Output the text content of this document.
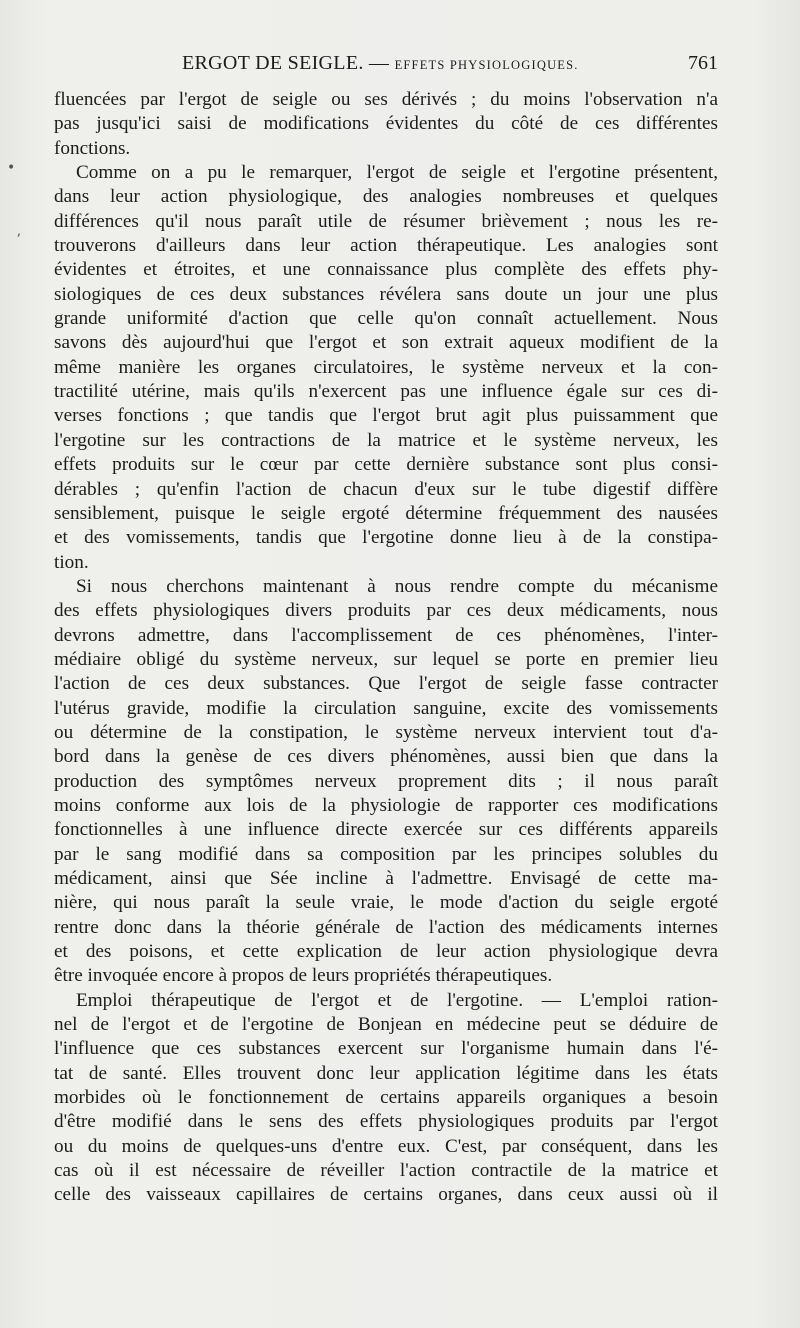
ERGOT DE SEIGLE. — EFFETS PHYSIOLOGIQUES.	761
•
ʼ
fluencées par l'ergot de seigle ou ses dérivés ; du moins l'observation n'a
pas jusqu'ici saisi de modifications évidentes du côté de ces différentes
fonctions.
Comme on a pu le remarquer, l'ergot de seigle et l'ergotine présentent,
dans leur action physiologique, des analogies nombreuses et quelques
différences qu'il nous paraît utile de résumer brièvement ; nous les re-
trouverons d'ailleurs dans leur action thérapeutique. Les analogies sont
évidentes et étroites, et une connaissance plus complète des effets phy-
siologiques de ces deux substances révélera sans doute un jour une plus
grande uniformité d'action que celle qu'on connaît actuellement. Nous
savons dès aujourd'hui que l'ergot et son extrait aqueux modifient de la
même manière les organes circulatoires, le système nerveux et la con-
tractilité utérine, mais qu'ils n'exercent pas une influence égale sur ces di-
verses fonctions ; que tandis que l'ergot brut agit plus puissamment que
l'ergotine sur les contractions de la matrice et le système nerveux, les
effets produits sur le cœur par cette dernière substance sont plus consi-
dérables ; qu'enfin l'action de chacun d'eux sur le tube digestif diffère
sensiblement, puisque le seigle ergoté détermine fréquemment des nausées
et des vomissements, tandis que l'ergotine donne lieu à de la constipa-
tion.
Si nous cherchons maintenant à nous rendre compte du mécanisme
des effets physiologiques divers produits par ces deux médicaments, nous
devrons admettre, dans l'accomplissement de ces phénomènes, l'inter-
médiaire obligé du système nerveux, sur lequel se porte en premier lieu
l'action de ces deux substances. Que l'ergot de seigle fasse contracter
l'utérus gravide, modifie la circulation sanguine, excite des vomissements
ou détermine de la constipation, le système nerveux intervient tout d'a-
bord dans la genèse de ces divers phénomènes, aussi bien que dans la
production des symptômes nerveux proprement dits ; il nous paraît
moins conforme aux lois de la physiologie de rapporter ces modifications
fonctionnelles à une influence directe exercée sur ces différents appareils
par le sang modifié dans sa composition par les principes solubles du
médicament, ainsi que Sée incline à l'admettre. Envisagé de cette ma-
nière, qui nous paraît la seule vraie, le mode d'action du seigle ergoté
rentre donc dans la théorie générale de l'action des médicaments internes
et des poisons, et cette explication de leur action physiologique devra
être invoquée encore à propos de leurs propriétés thérapeutiques.
Emploi thérapeutique de l'ergot et de l'ergotine. — L'emploi ration-
nel de l'ergot et de l'ergotine de Bonjean en médecine peut se déduire de
l'influence que ces substances exercent sur l'organisme humain dans l'é-
tat de santé. Elles trouvent donc leur application légitime dans les états
morbides où le fonctionnement de certains appareils organiques a besoin
d'être modifié dans le sens des effets physiologiques produits par l'ergot
ou du moins de quelques-uns d'entre eux. C'est, par conséquent, dans les
cas où il est nécessaire de réveiller l'action contractile de la matrice et
celle des vaisseaux capillaires de certains organes, dans ceux aussi où il
